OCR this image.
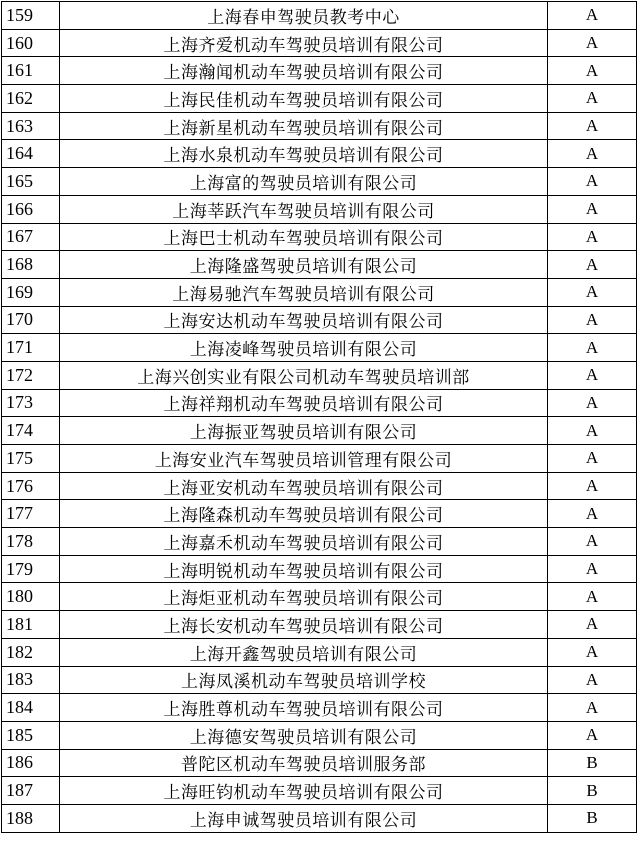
159	上海春申驾驶员教考中心	A
160	上海齐爱机动车驾驶员培训有限公司	A
161	上海瀚闻机动车驾驶员培训有限公司	A
162	上海民佳机动车驾驶员培训有限公司	A
163	上海新星机动车驾驶员培训有限公司	A
164	上海水泉机动车驾驶员培训有限公司	A
165	上海富的驾驶员培训有限公司	A
166	上海莘跃汽车驾驶员培训有限公司	A
167	上海巴士机动车驾驶员培训有限公司	A
168	上海隆盛驾驶员培训有限公司	A
169	上海易驰汽车驾驶员培训有限公司	A
170	上海安达机动车驾驶员培训有限公司	A
171	上海凌峰驾驶员培训有限公司	A
172	上海兴创实业有限公司机动车驾驶员培训部	A
173	上海祥翔机动车驾驶员培训有限公司	A
174	上海振亚驾驶员培训有限公司	A
175	上海安业汽车驾驶员培训管理有限公司	A
176	上海亚安机动车驾驶员培训有限公司	A
177	上海隆森机动车驾驶员培训有限公司	A
178	上海嘉禾机动车驾驶员培训有限公司	A
179	上海明锐机动车驾驶员培训有限公司	A
180	上海炬亚机动车驾驶员培训有限公司	A
181	上海长安机动车驾驶员培训有限公司	A
182	上海开鑫驾驶员培训有限公司	A
183	上海凤溪机动车驾驶员培训学校	A
184	上海胜尊机动车驾驶员培训有限公司	A
185	上海德安驾驶员培训有限公司	A
186	普陀区机动车驾驶员培训服务部	B
187	上海旺钧机动车驾驶员培训有限公司	B
188	上海申诚驾驶员培训有限公司	B
